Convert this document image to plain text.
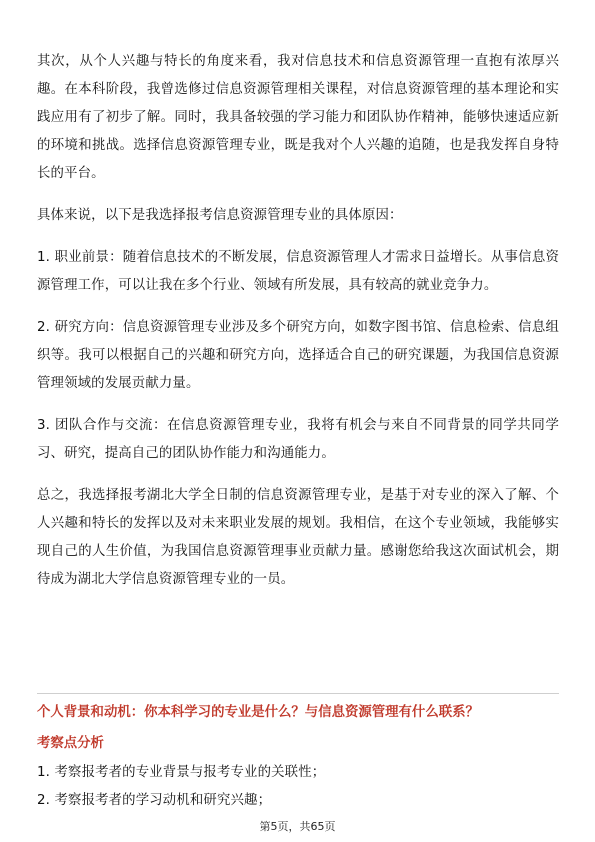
其次，从个人兴趣与特长的角度来看，我对信息技术和信息资源管理一直抱有浓厚兴趣。在本科阶段，我曾选修过信息资源管理相关课程，对信息资源管理的基本理论和实践应用有了初步了解。同时，我具备较强的学习能力和团队协作精神，能够快速适应新的环境和挑战。选择信息资源管理专业，既是我对个人兴趣的追随，也是我发挥自身特长的平台。

具体来说，以下是我选择报考信息资源管理专业的具体原因：

1. 职业前景：随着信息技术的不断发展，信息资源管理人才需求日益增长。从事信息资源管理工作，可以让我在多个行业、领域有所发展，具有较高的就业竞争力。

2. 研究方向：信息资源管理专业涉及多个研究方向，如数字图书馆、信息检索、信息组织等。我可以根据自己的兴趣和研究方向，选择适合自己的研究课题，为我国信息资源管理领域的发展贡献力量。

3. 团队合作与交流：在信息资源管理专业，我将有机会与来自不同背景的同学共同学习、研究，提高自己的团队协作能力和沟通能力。

总之，我选择报考湖北大学全日制的信息资源管理专业，是基于对专业的深入了解、个人兴趣和特长的发挥以及对未来职业发展的规划。我相信，在这个专业领域，我能够实现自己的人生价值，为我国信息资源管理事业贡献力量。感谢您给我这次面试机会，期待成为湖北大学信息资源管理专业的一员。

个人背景和动机：你本科学习的专业是什么？与信息资源管理有什么联系？

考察点分析

1. 考察报考者的专业背景与报考专业的关联性；
2. 考察报考者的学习动机和研究兴趣；
第5页，共65页
